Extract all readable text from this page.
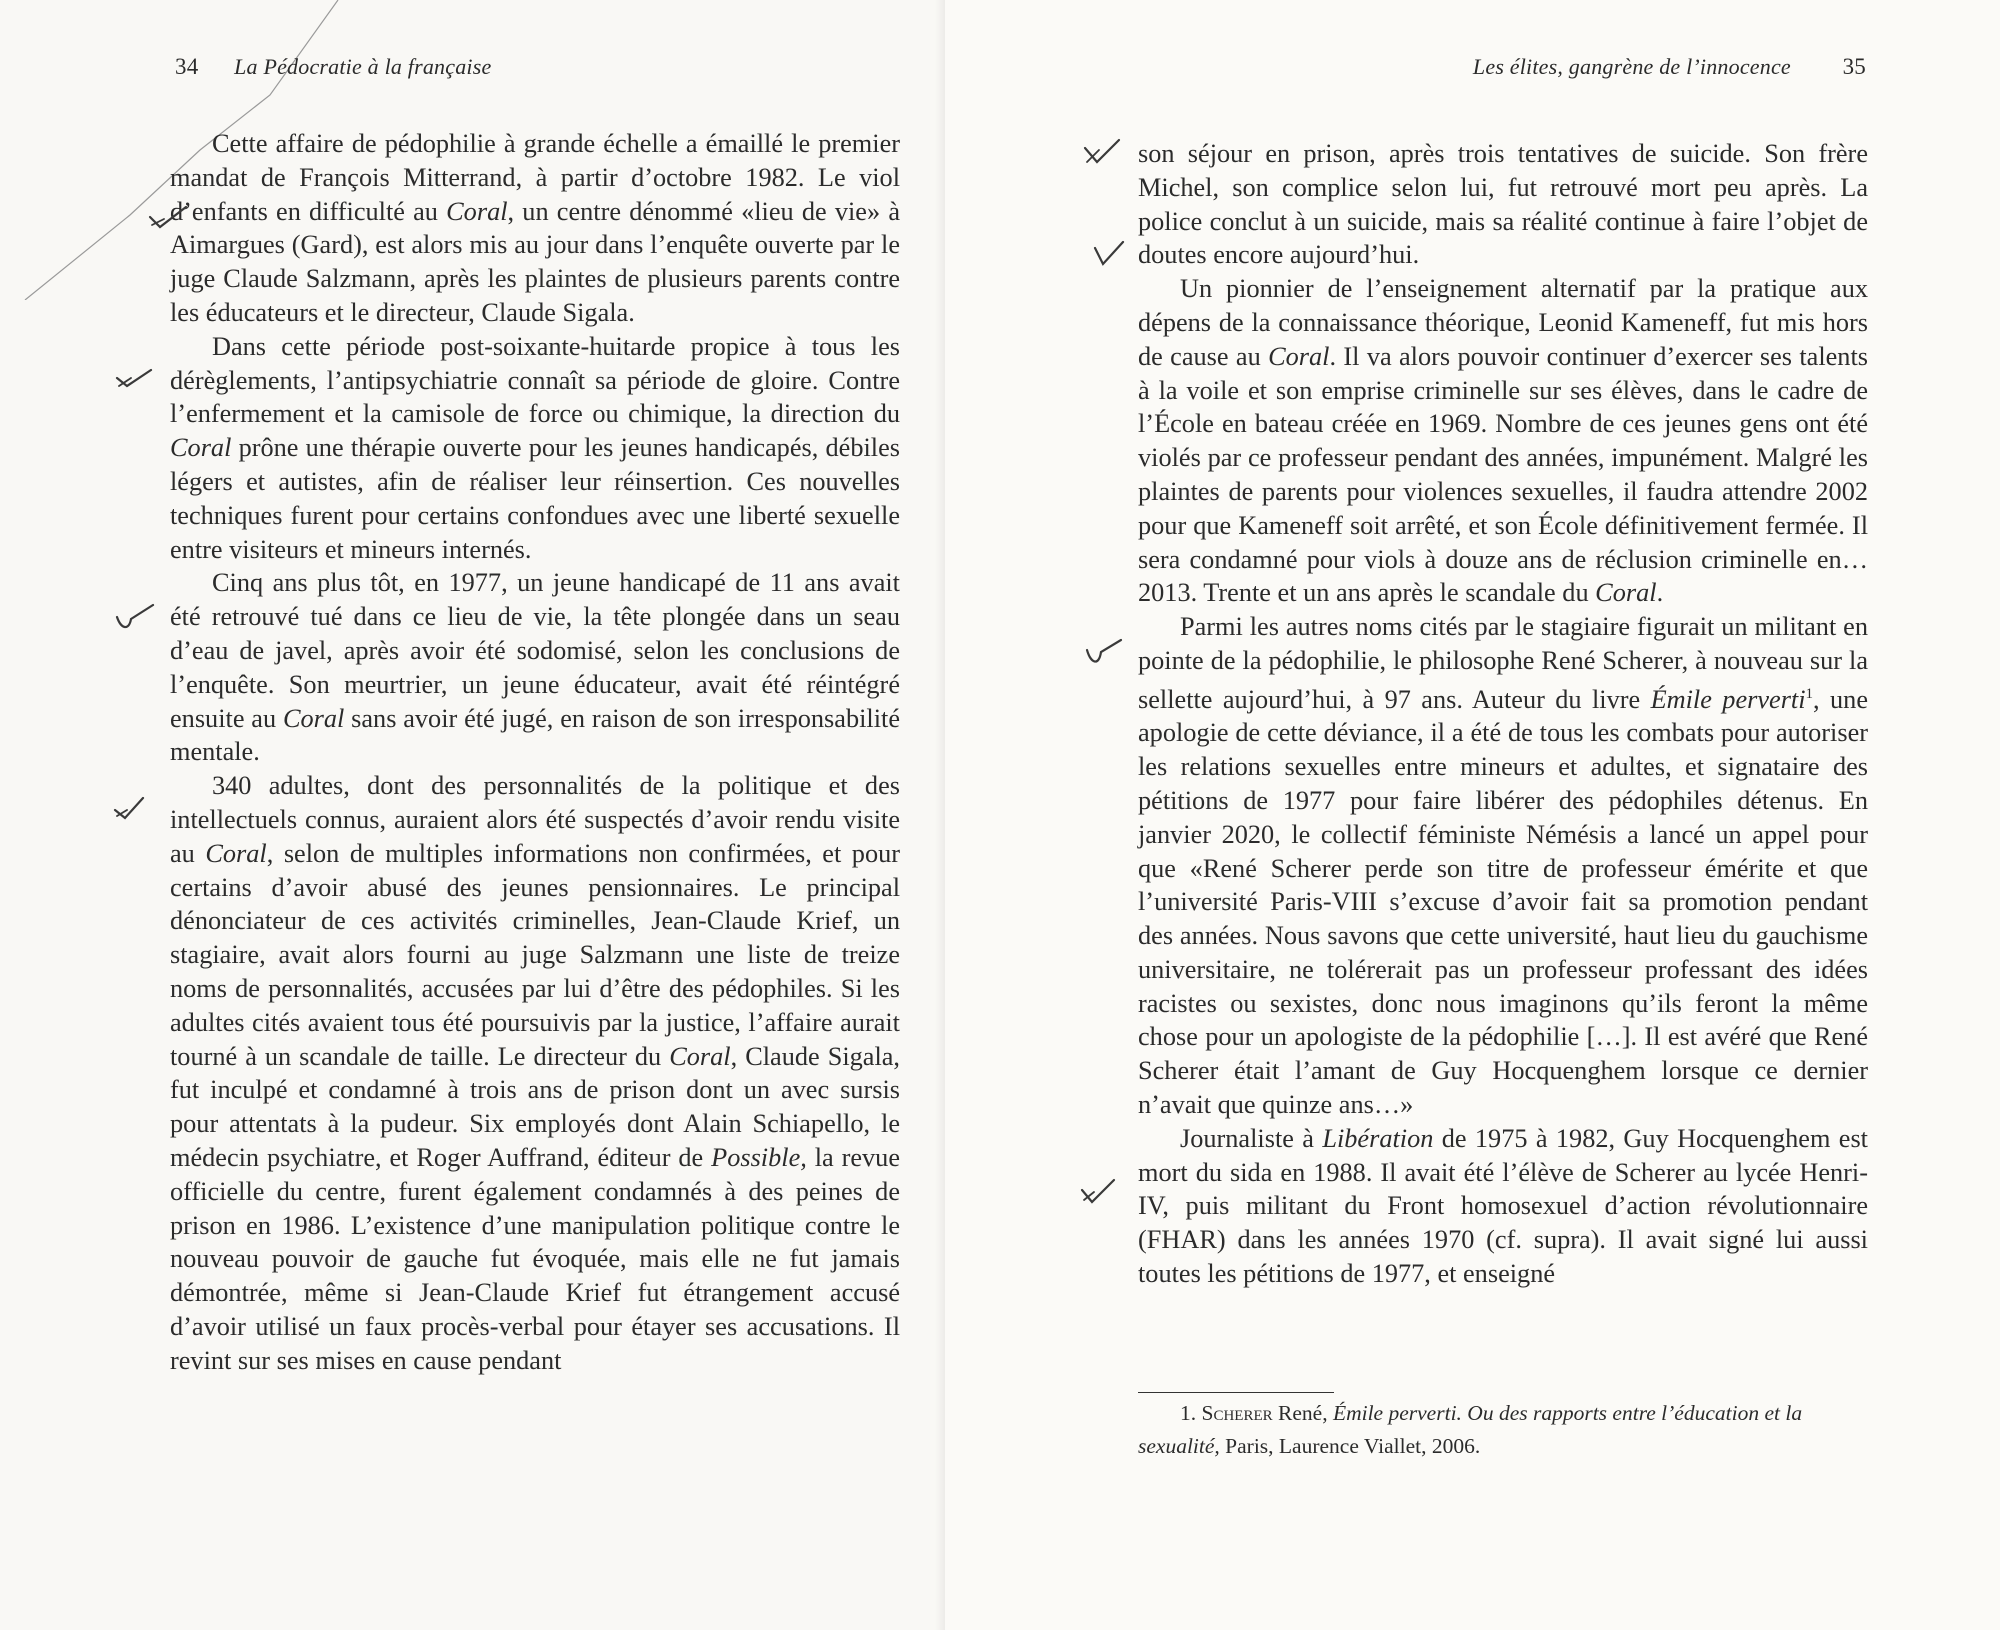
34 La Pédocratie à la française

Cette affaire de pédophilie à grande échelle a émaillé le premier mandat de François Mitterrand, à partir d’octobre 1982. Le viol d’enfants en difficulté au Coral, un centre dénommé «lieu de vie» à Aimargues (Gard), est alors mis au jour dans l’enquête ouverte par le juge Claude Salzmann, après les plaintes de plusieurs parents contre les éducateurs et le directeur, Claude Sigala.

Dans cette période post-soixante-huitarde propice à tous les dérèglements, l’antipsychiatrie connaît sa période de gloire. Contre l’enfermement et la camisole de force ou chimique, la direction du Coral prône une thérapie ouverte pour les jeunes handicapés, débiles légers et autistes, afin de réaliser leur réinsertion. Ces nouvelles techniques furent pour certains confondues avec une liberté sexuelle entre visiteurs et mineurs internés.

Cinq ans plus tôt, en 1977, un jeune handicapé de 11 ans avait été retrouvé tué dans ce lieu de vie, la tête plongée dans un seau d’eau de javel, après avoir été sodomisé, selon les conclusions de l’enquête. Son meurtrier, un jeune éducateur, avait été réintégré ensuite au Coral sans avoir été jugé, en raison de son irresponsabilité mentale.

340 adultes, dont des personnalités de la politique et des intellectuels connus, auraient alors été suspectés d’avoir rendu visite au Coral, selon de multiples informations non confirmées, et pour certains d’avoir abusé des jeunes pensionnaires. Le principal dénonciateur de ces activités criminelles, Jean-Claude Krief, un stagiaire, avait alors fourni au juge Salzmann une liste de treize noms de personnalités, accusées par lui d’être des pédophiles. Si les adultes cités avaient tous été poursuivis par la justice, l’affaire aurait tourné à un scandale de taille. Le directeur du Coral, Claude Sigala, fut inculpé et condamné à trois ans de prison dont un avec sursis pour attentats à la pudeur. Six employés dont Alain Schiapello, le médecin psychiatre, et Roger Auffrand, éditeur de Possible, la revue officielle du centre, furent également condamnés à des peines de prison en 1986. L’existence d’une manipulation politique contre le nouveau pouvoir de gauche fut évoquée, mais elle ne fut jamais démontrée, même si Jean-Claude Krief fut étrangement accusé d’avoir utilisé un faux procès-verbal pour étayer ses accusations. Il revint sur ses mises en cause pendant

Les élites, gangrène de l’innocence 35

son séjour en prison, après trois tentatives de suicide. Son frère Michel, son complice selon lui, fut retrouvé mort peu après. La police conclut à un suicide, mais sa réalité continue à faire l’objet de doutes encore aujourd’hui.

Un pionnier de l’enseignement alternatif par la pratique aux dépens de la connaissance théorique, Leonid Kameneff, fut mis hors de cause au Coral. Il va alors pouvoir continuer d’exercer ses talents à la voile et son emprise criminelle sur ses élèves, dans le cadre de l’École en bateau créée en 1969. Nombre de ces jeunes gens ont été violés par ce professeur pendant des années, impunément. Malgré les plaintes de parents pour violences sexuelles, il faudra attendre 2002 pour que Kameneff soit arrêté, et son École définitivement fermée. Il sera condamné pour viols à douze ans de réclusion criminelle en… 2013. Trente et un ans après le scandale du Coral.

Parmi les autres noms cités par le stagiaire figurait un militant en pointe de la pédophilie, le philosophe René Scherer, à nouveau sur la sellette aujourd’hui, à 97 ans. Auteur du livre Émile perverti$^1$, une apologie de cette déviance, il a été de tous les combats pour autoriser les relations sexuelles entre mineurs et adultes, et signataire des pétitions de 1977 pour faire libérer des pédophiles détenus. En janvier 2020, le collectif féministe Némésis a lancé un appel pour que «René Scherer perde son titre de professeur émérite et que l’université Paris-VIII s’excuse d’avoir fait sa promotion pendant des années. Nous savons que cette université, haut lieu du gauchisme universitaire, ne tolérerait pas un professeur professant des idées racistes ou sexistes, donc nous imaginons qu’ils feront la même chose pour un apologiste de la pédophilie […]. Il est avéré que René Scherer était l’amant de Guy Hocquenghem lorsque ce dernier n’avait que quinze ans…»

Journaliste à Libération de 1975 à 1982, Guy Hocquenghem est mort du sida en 1988. Il avait été l’élève de Scherer au lycée Henri-IV, puis militant du Front homosexuel d’action révolutionnaire (FHAR) dans les années 1970 (cf. supra). Il avait signé lui aussi toutes les pétitions de 1977, et enseigné

1. Scherer René, Émile perverti. Ou des rapports entre l’éducation et la sexualité, Paris, Laurence Viallet, 2006.
